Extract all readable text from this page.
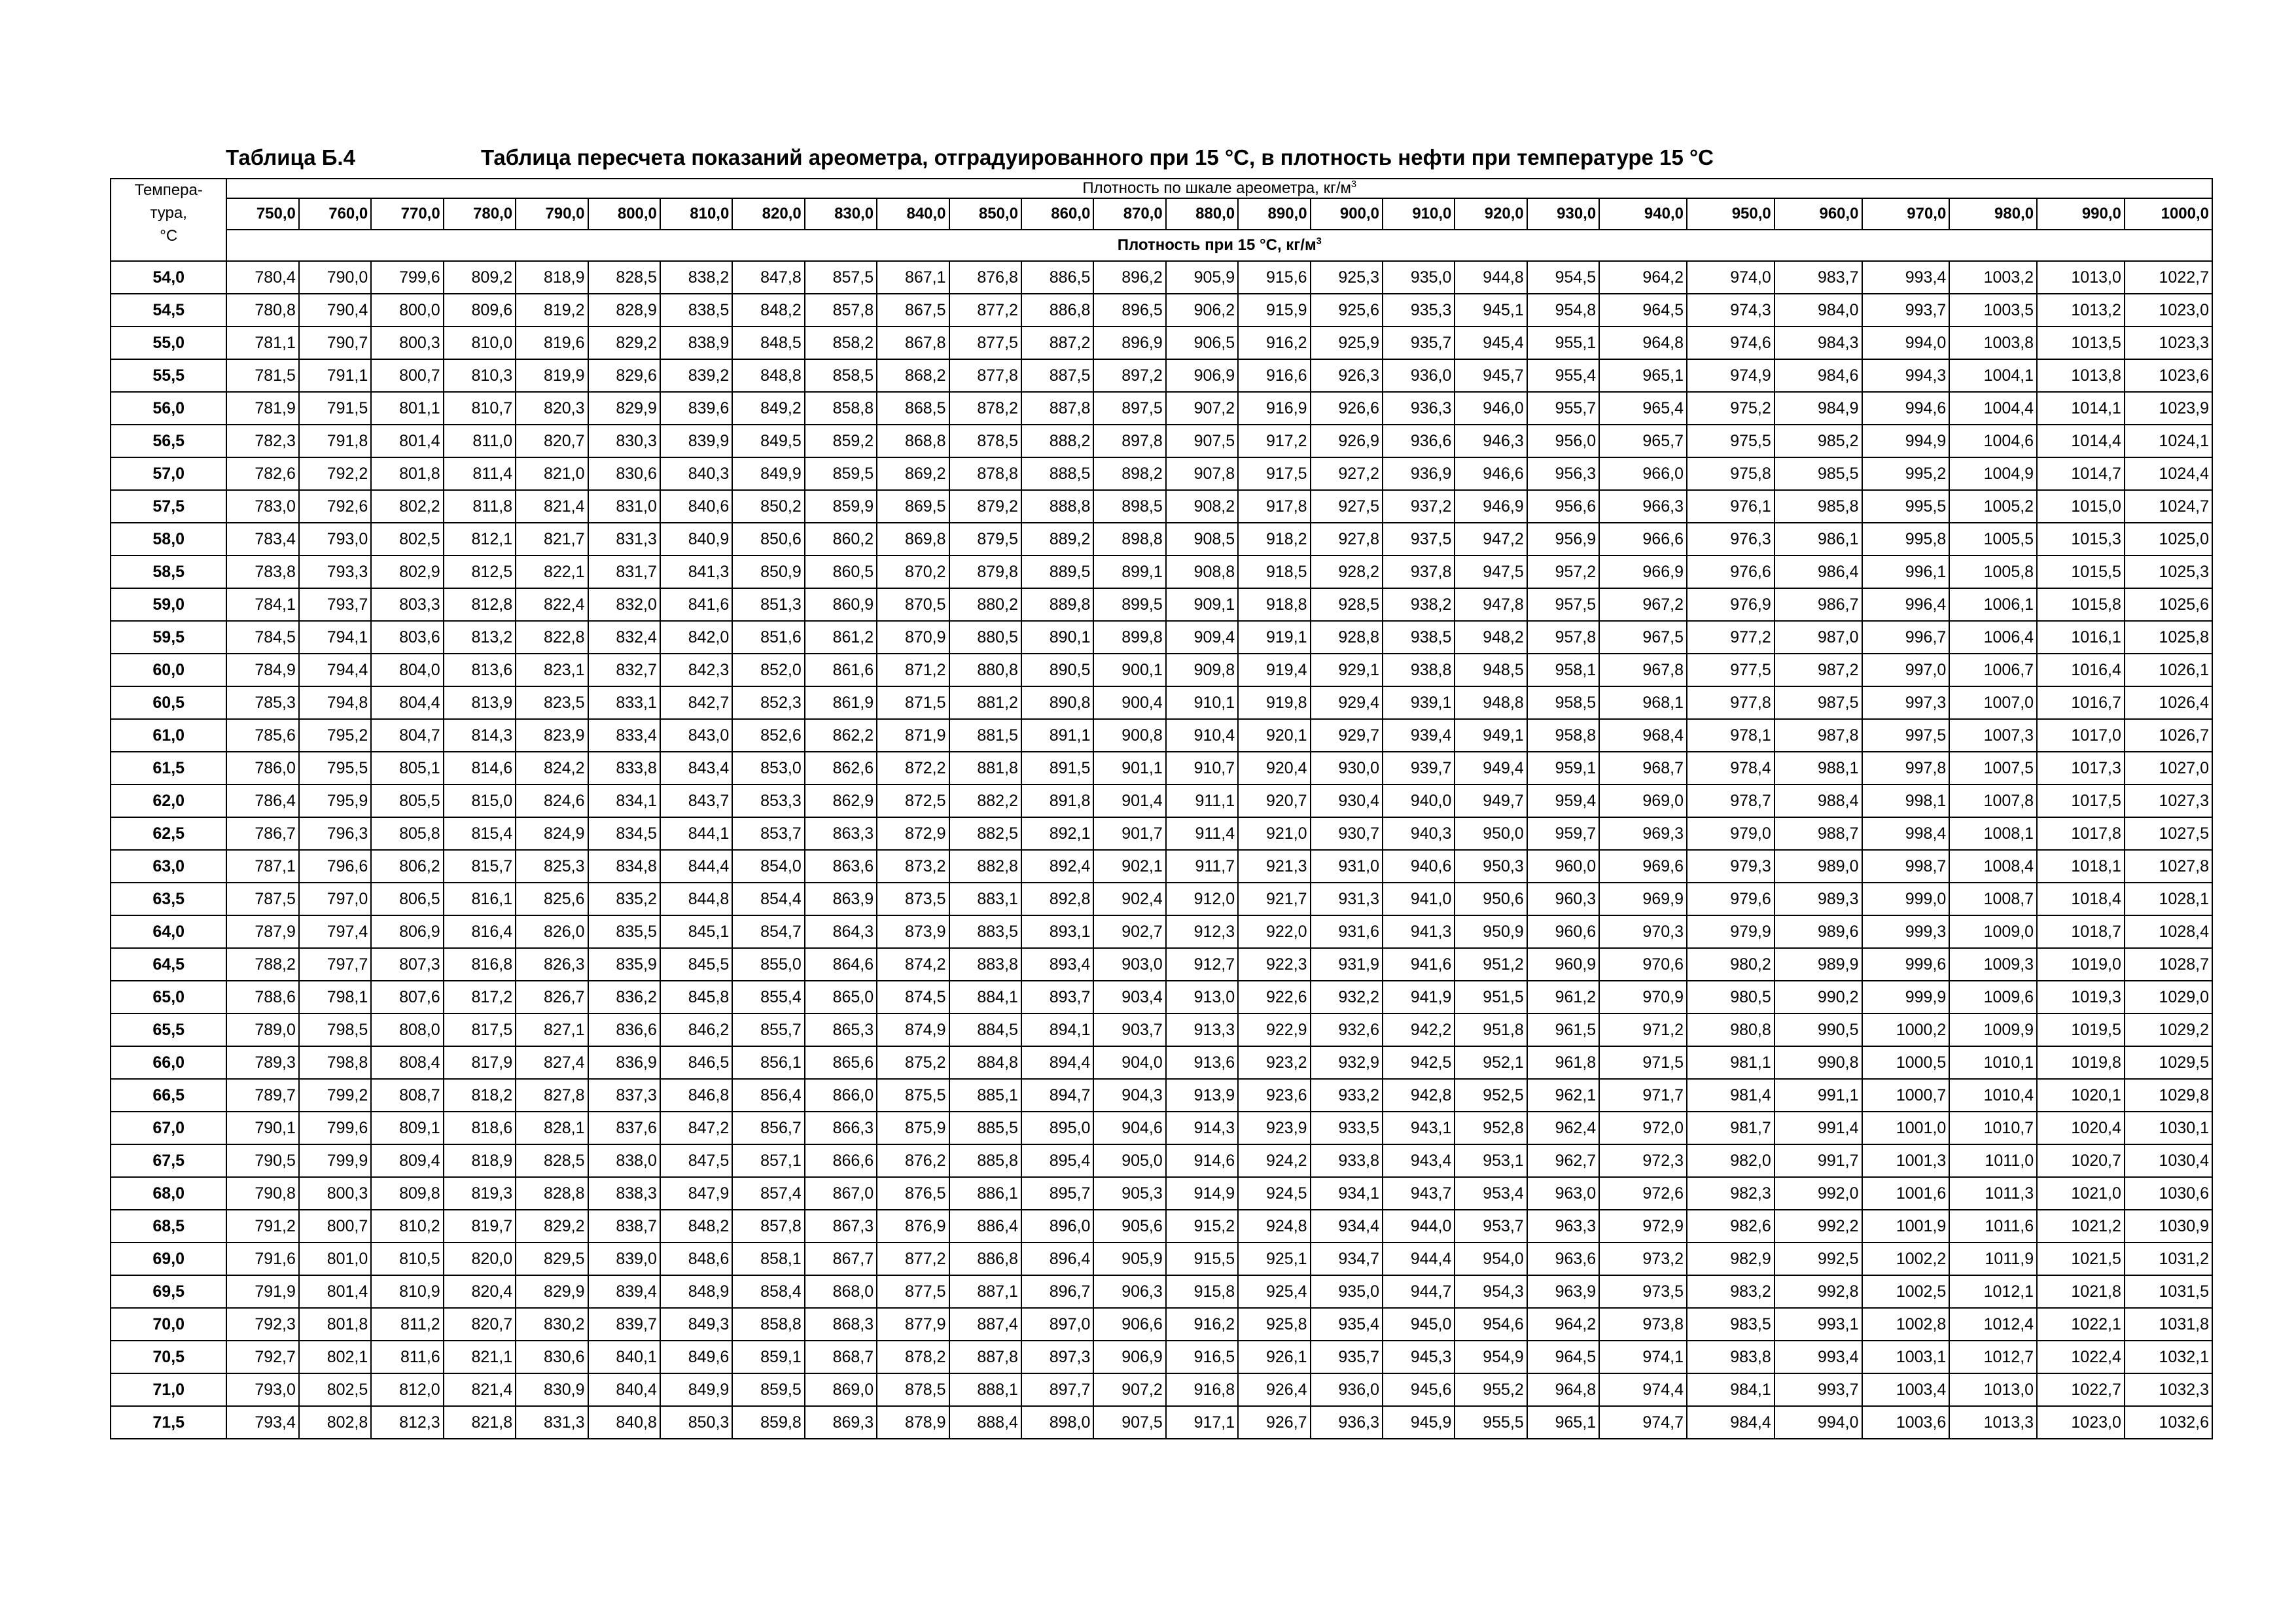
Таблица Б.4	Таблица пересчета показаний ареометра, отградуированного при 15 °С, в плотность нефти при температуре 15 °С
Темпера-
тура,
°С	Плотность по шкале ареометра, $кг/м^3$
	750,0	760,0	770,0	780,0	790,0	800,0	810,0	820,0	830,0	840,0	850,0	860,0	870,0	880,0	890,0	900,0	910,0	920,0	930,0	940,0	950,0	960,0	970,0	980,0	990,0	1000,0
	Плотность при 15 °С, $кг/м^3$
54,0	780,4	790,0	799,6	809,2	818,9	828,5	838,2	847,8	857,5	867,1	876,8	886,5	896,2	905,9	915,6	925,3	935,0	944,8	954,5	964,2	974,0	983,7	993,4	1003,2	1013,0	1022,7
54,5	780,8	790,4	800,0	809,6	819,2	828,9	838,5	848,2	857,8	867,5	877,2	886,8	896,5	906,2	915,9	925,6	935,3	945,1	954,8	964,5	974,3	984,0	993,7	1003,5	1013,2	1023,0
55,0	781,1	790,7	800,3	810,0	819,6	829,2	838,9	848,5	858,2	867,8	877,5	887,2	896,9	906,5	916,2	925,9	935,7	945,4	955,1	964,8	974,6	984,3	994,0	1003,8	1013,5	1023,3
55,5	781,5	791,1	800,7	810,3	819,9	829,6	839,2	848,8	858,5	868,2	877,8	887,5	897,2	906,9	916,6	926,3	936,0	945,7	955,4	965,1	974,9	984,6	994,3	1004,1	1013,8	1023,6
56,0	781,9	791,5	801,1	810,7	820,3	829,9	839,6	849,2	858,8	868,5	878,2	887,8	897,5	907,2	916,9	926,6	936,3	946,0	955,7	965,4	975,2	984,9	994,6	1004,4	1014,1	1023,9
56,5	782,3	791,8	801,4	811,0	820,7	830,3	839,9	849,5	859,2	868,8	878,5	888,2	897,8	907,5	917,2	926,9	936,6	946,3	956,0	965,7	975,5	985,2	994,9	1004,6	1014,4	1024,1
57,0	782,6	792,2	801,8	811,4	821,0	830,6	840,3	849,9	859,5	869,2	878,8	888,5	898,2	907,8	917,5	927,2	936,9	946,6	956,3	966,0	975,8	985,5	995,2	1004,9	1014,7	1024,4
57,5	783,0	792,6	802,2	811,8	821,4	831,0	840,6	850,2	859,9	869,5	879,2	888,8	898,5	908,2	917,8	927,5	937,2	946,9	956,6	966,3	976,1	985,8	995,5	1005,2	1015,0	1024,7
58,0	783,4	793,0	802,5	812,1	821,7	831,3	840,9	850,6	860,2	869,8	879,5	889,2	898,8	908,5	918,2	927,8	937,5	947,2	956,9	966,6	976,3	986,1	995,8	1005,5	1015,3	1025,0
58,5	783,8	793,3	802,9	812,5	822,1	831,7	841,3	850,9	860,5	870,2	879,8	889,5	899,1	908,8	918,5	928,2	937,8	947,5	957,2	966,9	976,6	986,4	996,1	1005,8	1015,5	1025,3
59,0	784,1	793,7	803,3	812,8	822,4	832,0	841,6	851,3	860,9	870,5	880,2	889,8	899,5	909,1	918,8	928,5	938,2	947,8	957,5	967,2	976,9	986,7	996,4	1006,1	1015,8	1025,6
59,5	784,5	794,1	803,6	813,2	822,8	832,4	842,0	851,6	861,2	870,9	880,5	890,1	899,8	909,4	919,1	928,8	938,5	948,2	957,8	967,5	977,2	987,0	996,7	1006,4	1016,1	1025,8
60,0	784,9	794,4	804,0	813,6	823,1	832,7	842,3	852,0	861,6	871,2	880,8	890,5	900,1	909,8	919,4	929,1	938,8	948,5	958,1	967,8	977,5	987,2	997,0	1006,7	1016,4	1026,1
60,5	785,3	794,8	804,4	813,9	823,5	833,1	842,7	852,3	861,9	871,5	881,2	890,8	900,4	910,1	919,8	929,4	939,1	948,8	958,5	968,1	977,8	987,5	997,3	1007,0	1016,7	1026,4
61,0	785,6	795,2	804,7	814,3	823,9	833,4	843,0	852,6	862,2	871,9	881,5	891,1	900,8	910,4	920,1	929,7	939,4	949,1	958,8	968,4	978,1	987,8	997,5	1007,3	1017,0	1026,7
61,5	786,0	795,5	805,1	814,6	824,2	833,8	843,4	853,0	862,6	872,2	881,8	891,5	901,1	910,7	920,4	930,0	939,7	949,4	959,1	968,7	978,4	988,1	997,8	1007,5	1017,3	1027,0
62,0	786,4	795,9	805,5	815,0	824,6	834,1	843,7	853,3	862,9	872,5	882,2	891,8	901,4	911,1	920,7	930,4	940,0	949,7	959,4	969,0	978,7	988,4	998,1	1007,8	1017,5	1027,3
62,5	786,7	796,3	805,8	815,4	824,9	834,5	844,1	853,7	863,3	872,9	882,5	892,1	901,7	911,4	921,0	930,7	940,3	950,0	959,7	969,3	979,0	988,7	998,4	1008,1	1017,8	1027,5
63,0	787,1	796,6	806,2	815,7	825,3	834,8	844,4	854,0	863,6	873,2	882,8	892,4	902,1	911,7	921,3	931,0	940,6	950,3	960,0	969,6	979,3	989,0	998,7	1008,4	1018,1	1027,8
63,5	787,5	797,0	806,5	816,1	825,6	835,2	844,8	854,4	863,9	873,5	883,1	892,8	902,4	912,0	921,7	931,3	941,0	950,6	960,3	969,9	979,6	989,3	999,0	1008,7	1018,4	1028,1
64,0	787,9	797,4	806,9	816,4	826,0	835,5	845,1	854,7	864,3	873,9	883,5	893,1	902,7	912,3	922,0	931,6	941,3	950,9	960,6	970,3	979,9	989,6	999,3	1009,0	1018,7	1028,4
64,5	788,2	797,7	807,3	816,8	826,3	835,9	845,5	855,0	864,6	874,2	883,8	893,4	903,0	912,7	922,3	931,9	941,6	951,2	960,9	970,6	980,2	989,9	999,6	1009,3	1019,0	1028,7
65,0	788,6	798,1	807,6	817,2	826,7	836,2	845,8	855,4	865,0	874,5	884,1	893,7	903,4	913,0	922,6	932,2	941,9	951,5	961,2	970,9	980,5	990,2	999,9	1009,6	1019,3	1029,0
65,5	789,0	798,5	808,0	817,5	827,1	836,6	846,2	855,7	865,3	874,9	884,5	894,1	903,7	913,3	922,9	932,6	942,2	951,8	961,5	971,2	980,8	990,5	1000,2	1009,9	1019,5	1029,2
66,0	789,3	798,8	808,4	817,9	827,4	836,9	846,5	856,1	865,6	875,2	884,8	894,4	904,0	913,6	923,2	932,9	942,5	952,1	961,8	971,5	981,1	990,8	1000,5	1010,1	1019,8	1029,5
66,5	789,7	799,2	808,7	818,2	827,8	837,3	846,8	856,4	866,0	875,5	885,1	894,7	904,3	913,9	923,6	933,2	942,8	952,5	962,1	971,7	981,4	991,1	1000,7	1010,4	1020,1	1029,8
67,0	790,1	799,6	809,1	818,6	828,1	837,6	847,2	856,7	866,3	875,9	885,5	895,0	904,6	914,3	923,9	933,5	943,1	952,8	962,4	972,0	981,7	991,4	1001,0	1010,7	1020,4	1030,1
67,5	790,5	799,9	809,4	818,9	828,5	838,0	847,5	857,1	866,6	876,2	885,8	895,4	905,0	914,6	924,2	933,8	943,4	953,1	962,7	972,3	982,0	991,7	1001,3	1011,0	1020,7	1030,4
68,0	790,8	800,3	809,8	819,3	828,8	838,3	847,9	857,4	867,0	876,5	886,1	895,7	905,3	914,9	924,5	934,1	943,7	953,4	963,0	972,6	982,3	992,0	1001,6	1011,3	1021,0	1030,6
68,5	791,2	800,7	810,2	819,7	829,2	838,7	848,2	857,8	867,3	876,9	886,4	896,0	905,6	915,2	924,8	934,4	944,0	953,7	963,3	972,9	982,6	992,2	1001,9	1011,6	1021,2	1030,9
69,0	791,6	801,0	810,5	820,0	829,5	839,0	848,6	858,1	867,7	877,2	886,8	896,4	905,9	915,5	925,1	934,7	944,4	954,0	963,6	973,2	982,9	992,5	1002,2	1011,9	1021,5	1031,2
69,5	791,9	801,4	810,9	820,4	829,9	839,4	848,9	858,4	868,0	877,5	887,1	896,7	906,3	915,8	925,4	935,0	944,7	954,3	963,9	973,5	983,2	992,8	1002,5	1012,1	1021,8	1031,5
70,0	792,3	801,8	811,2	820,7	830,2	839,7	849,3	858,8	868,3	877,9	887,4	897,0	906,6	916,2	925,8	935,4	945,0	954,6	964,2	973,8	983,5	993,1	1002,8	1012,4	1022,1	1031,8
70,5	792,7	802,1	811,6	821,1	830,6	840,1	849,6	859,1	868,7	878,2	887,8	897,3	906,9	916,5	926,1	935,7	945,3	954,9	964,5	974,1	983,8	993,4	1003,1	1012,7	1022,4	1032,1
71,0	793,0	802,5	812,0	821,4	830,9	840,4	849,9	859,5	869,0	878,5	888,1	897,7	907,2	916,8	926,4	936,0	945,6	955,2	964,8	974,4	984,1	993,7	1003,4	1013,0	1022,7	1032,3
71,5	793,4	802,8	812,3	821,8	831,3	840,8	850,3	859,8	869,3	878,9	888,4	898,0	907,5	917,1	926,7	936,3	945,9	955,5	965,1	974,7	984,4	994,0	1003,6	1013,3	1023,0	1032,6
